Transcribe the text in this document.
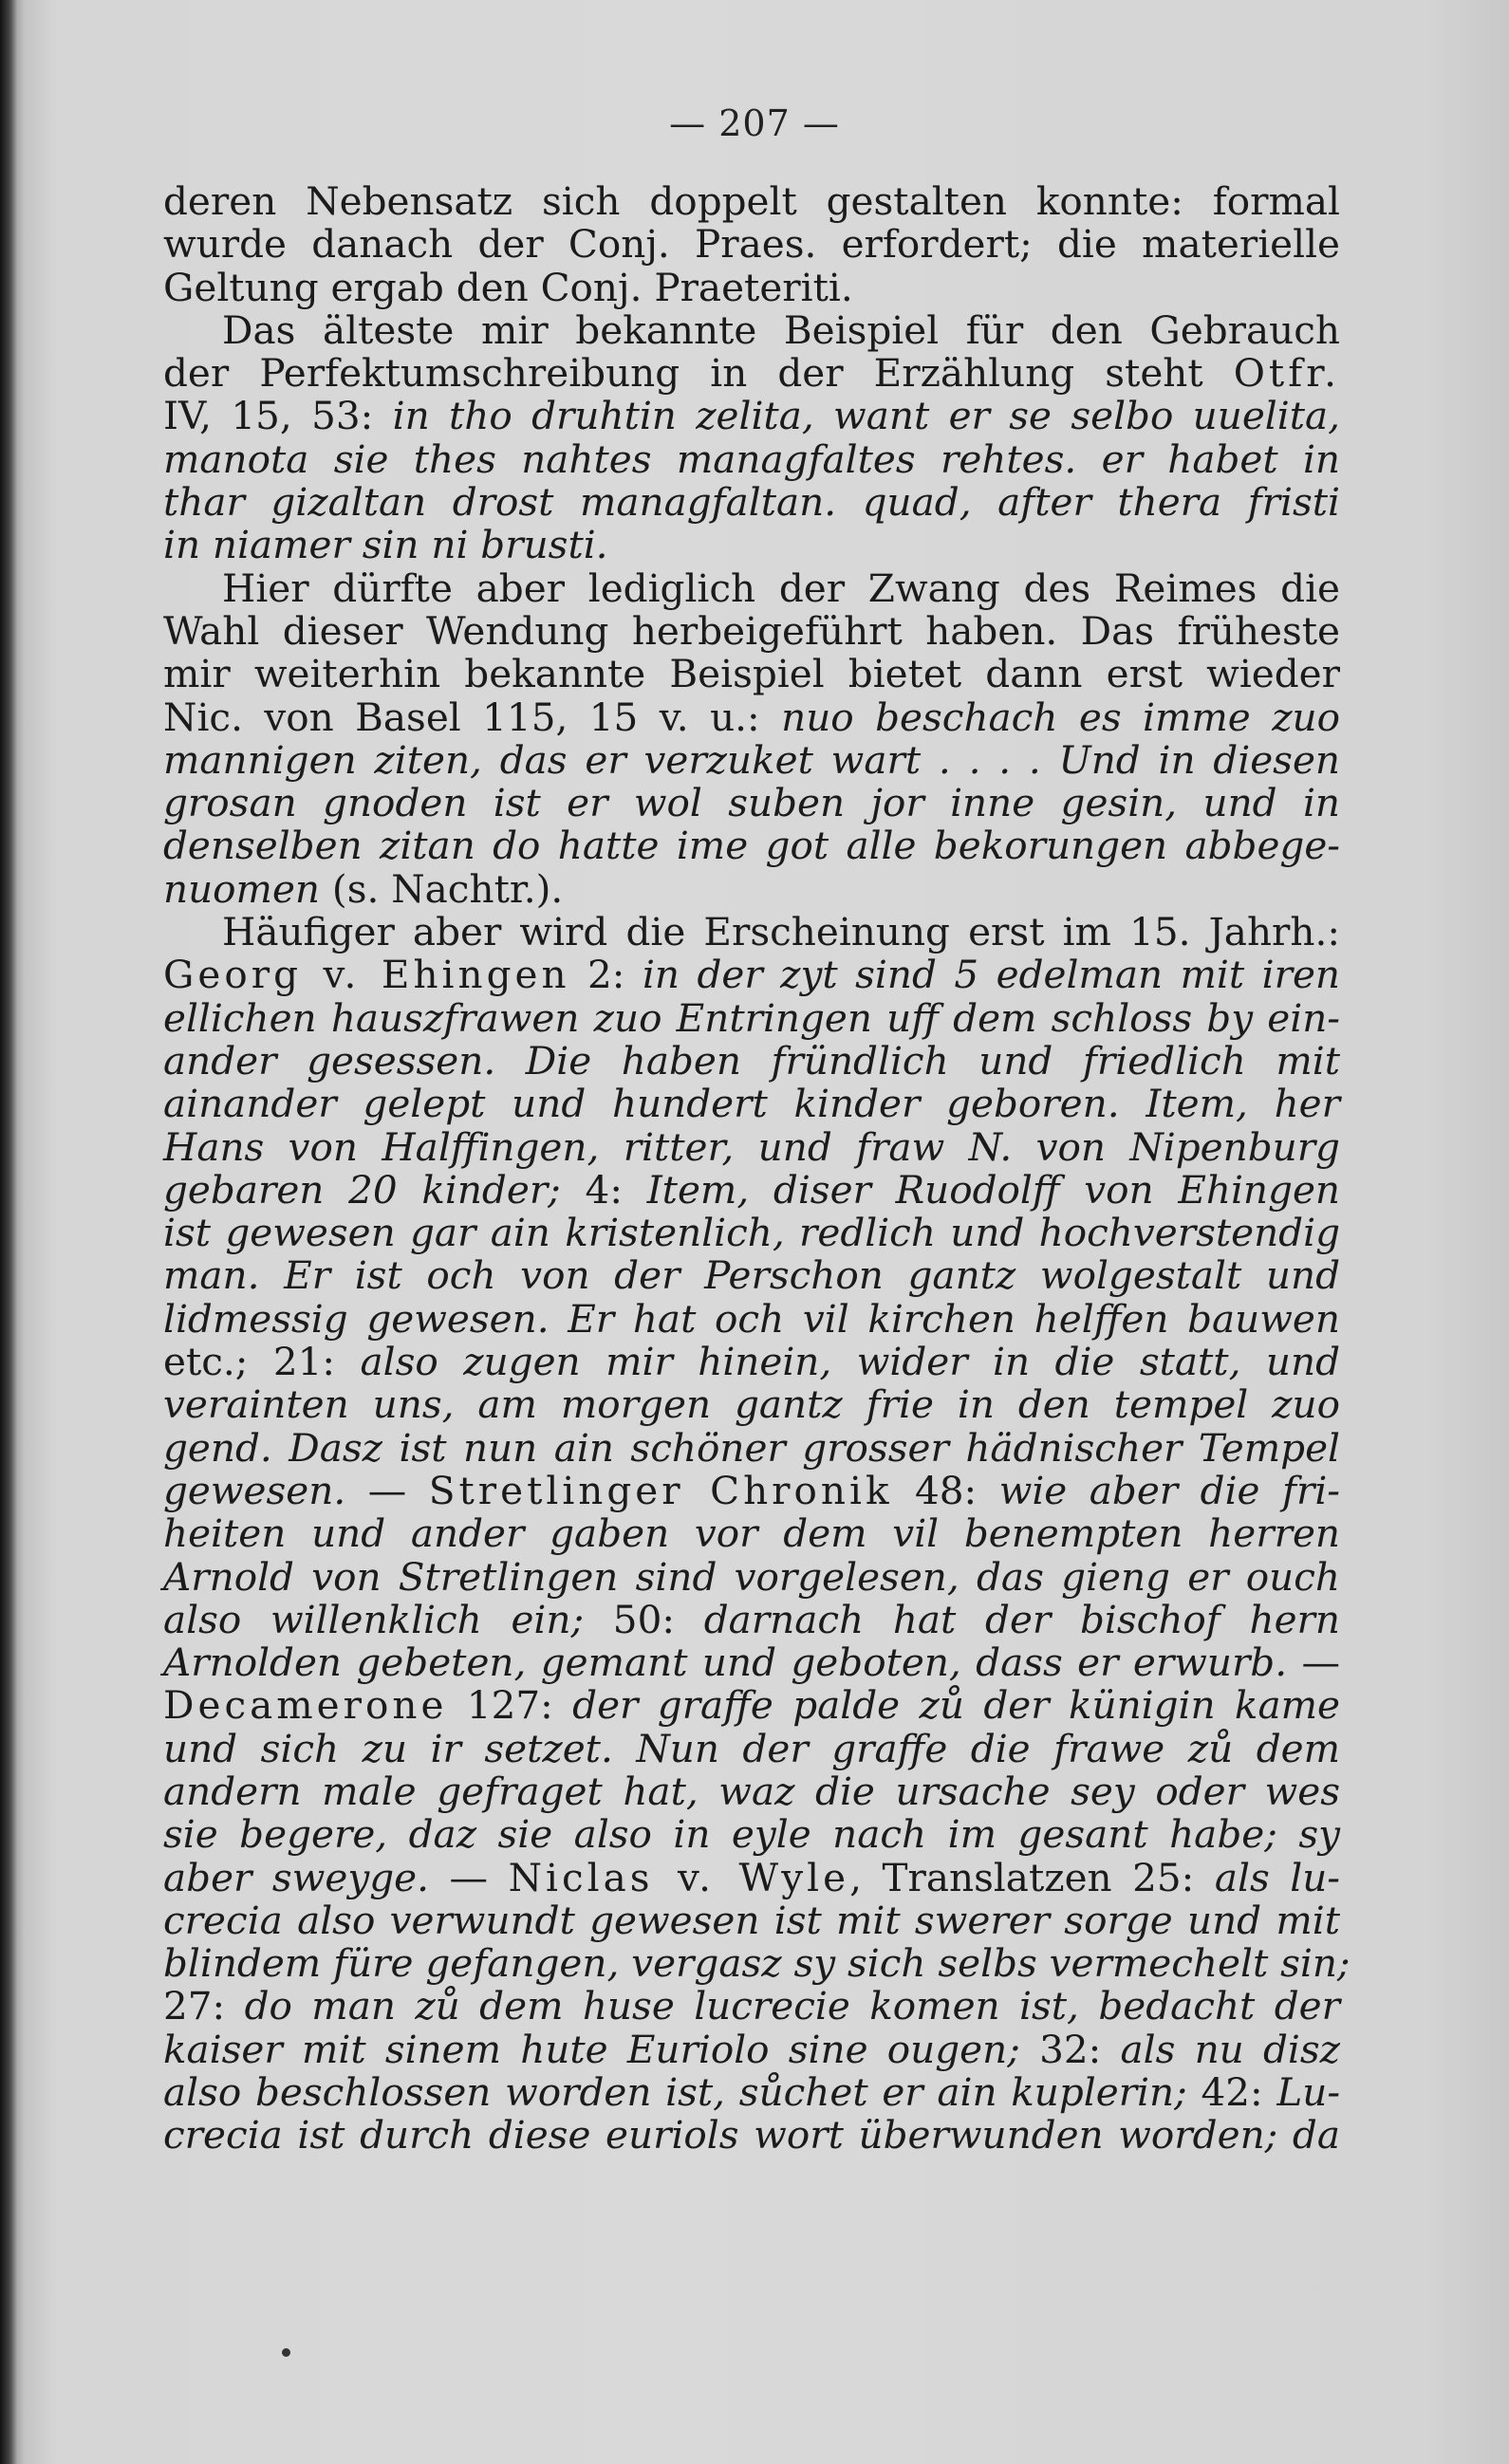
— 207 —
deren Nebensatz sich doppelt gestalten konnte: formal
wurde danach der Conj. Praes. erfordert; die materielle
Geltung ergab den Conj. Praeteriti.
Das älteste mir bekannte Beispiel für den Gebrauch
der Perfektumschreibung in der Erzählung steht Otfr.
IV, 15, 53: in tho druhtin zelita, want er se selbo uuelita,
manota sie thes nahtes managfaltes rehtes. er habet in
thar gizaltan drost managfaltan. quad, after thera fristi
in niamer sin ni brusti.
Hier dürfte aber lediglich der Zwang des Reimes die
Wahl dieser Wendung herbeigeführt haben. Das früheste
mir weiterhin bekannte Beispiel bietet dann erst wieder
Nic. von Basel 115, 15 v. u.: nuo beschach es imme zuo
mannigen ziten, das er verzuket wart . . . . Und in diesen
grosan gnoden ist er wol suben jor inne gesin, und in
denselben zitan do hatte ime got alle bekorungen abbege-
nuomen (s. Nachtr.).
Häufiger aber wird die Erscheinung erst im 15. Jahrh.:
Georg v. Ehingen 2: in der zyt sind 5 edelman mit iren
ellichen hauszfrawen zuo Entringen uff dem schloss by ein-
ander gesessen. Die haben fründlich und friedlich mit
ainander gelept und hundert kinder geboren. Item, her
Hans von Halffingen, ritter, und fraw N. von Nipenburg
gebaren 20 kinder; 4: Item, diser Ruodolff von Ehingen
ist gewesen gar ain kristenlich, redlich und hochverstendig
man. Er ist och von der Perschon gantz wolgestalt und
lidmessig gewesen. Er hat och vil kirchen helffen bauwen
etc.; 21: also zugen mir hinein, wider in die statt, und
verainten uns, am morgen gantz frie in den tempel zuo
gend. Dasz ist nun ain schöner grosser hädnischer Tempel
gewesen. — Stretlinger Chronik 48: wie aber die fri-
heiten und ander gaben vor dem vil benempten herren
Arnold von Stretlingen sind vorgelesen, das gieng er ouch
also willenklich ein; 50: darnach hat der bischof hern
Arnolden gebeten, gemant und geboten, dass er erwurb. —
Decamerone 127: der graffe palde zů der künigin kame
und sich zu ir setzet. Nun der graffe die frawe zů dem
andern male gefraget hat, waz die ursache sey oder wes
sie begere, daz sie also in eyle nach im gesant habe; sy
aber sweyge. — Niclas v. Wyle, Translatzen 25: als lu-
crecia also verwundt gewesen ist mit swerer sorge und mit
blindem füre gefangen, vergasz sy sich selbs vermechelt sin;
27: do man zů dem huse lucrecie komen ist, bedacht der
kaiser mit sinem hute Euriolo sine ougen; 32: als nu disz
also beschlossen worden ist, sůchet er ain kuplerin; 42: Lu-
crecia ist durch diese euriols wort überwunden worden; da
